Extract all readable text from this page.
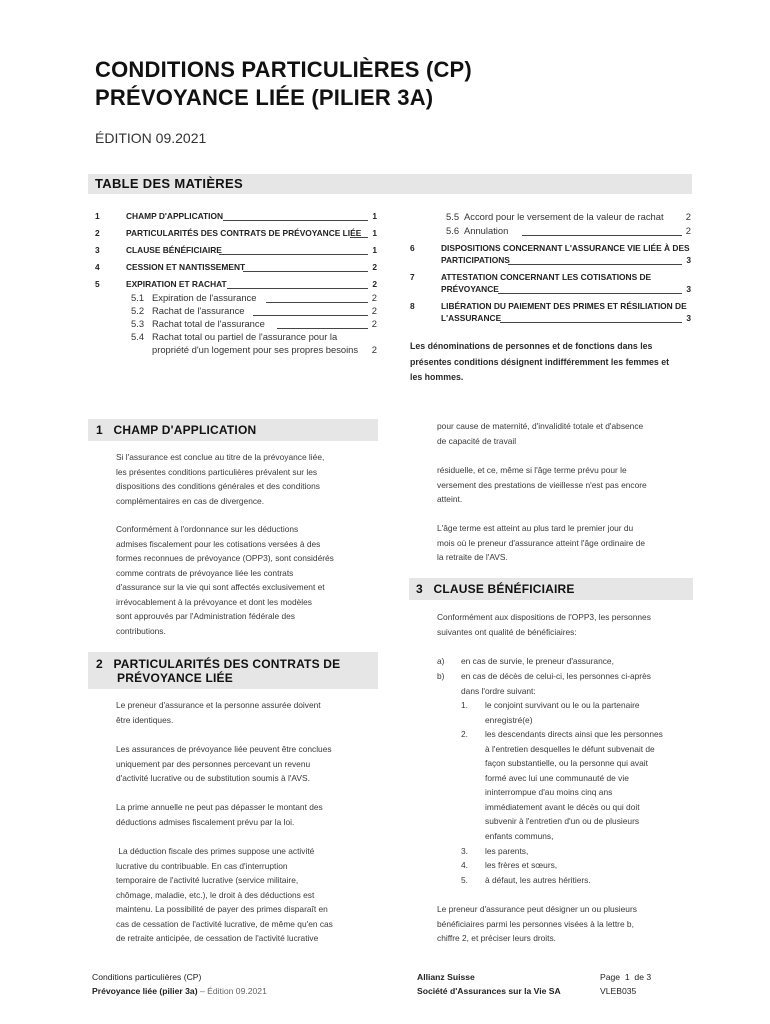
CONDITIONS PARTICULIÈRES (CP)
PRÉVOYANCE LIÉE (PILIER 3A)
ÉDITION 09.2021
TABLE DES MATIÈRES
1	CHAMP D'APPLICATION	1
2	PARTICULARITÉS DES CONTRATS DE PRÉVOYANCE LIÉE 1
3	CLAUSE BÉNÉFICIAIRE	1
4	CESSION ET NANTISSEMENT	2
5	EXPIRATION ET RACHAT	2
5.1 Expiration de l'assurance	2
5.2 Rachat de l'assurance	2
5.3 Rachat total de l'assurance	2
5.4 Rachat total ou partiel de l'assurance pour la
propriété d'un logement pour ses propres besoins 2
5.5 Accord pour le versement de la valeur de rachat 2
5.6 Annulation	2
6	DISPOSITIONS CONCERNANT L'ASSURANCE VIE LIÉE À DES
PARTICIPATIONS	3
7	ATTESTATION CONCERNANT LES COTISATIONS DE
PRÉVOYANCE	3
8	LIBÉRATION DU PAIEMENT DES PRIMES ET RÉSILIATION DE
L'ASSURANCE	3
Les dénominations de personnes et de fonctions dans les
présentes conditions désignent indifféremment les femmes et
les hommes.
1 CHAMP D'APPLICATION
Si l'assurance est conclue au titre de la prévoyance liée,
les présentes conditions particulières prévalent sur les
dispositions des conditions générales et des conditions
complémentaires en cas de divergence.
Conformément à l'ordonnance sur les déductions
admises fiscalement pour les cotisations versées à des
formes reconnues de prévoyance (OPP3), sont considérés
comme contrats de prévoyance liée les contrats
d'assurance sur la vie qui sont affectés exclusivement et
irrévocablement à la prévoyance et dont les modèles
sont approuvés par l'Administration fédérale des
contributions.
2 PARTICULARITÉS DES CONTRATS DE
PRÉVOYANCE LIÉE
Le preneur d'assurance et la personne assurée doivent
être identiques.
Les assurances de prévoyance liée peuvent être conclues
uniquement par des personnes percevant un revenu
d'activité lucrative ou de substitution soumis à l'AVS.
La prime annuelle ne peut pas dépasser le montant des
déductions admises fiscalement prévu par la loi.
La déduction fiscale des primes suppose une activité
lucrative du contribuable. En cas d'interruption
temporaire de l'activité lucrative (service militaire,
chômage, maladie, etc.), le droit à des déductions est
maintenu. La possibilité de payer des primes disparaît en
cas de cessation de l'activité lucrative, de même qu'en cas
de retraite anticipée, de cessation de l'activité lucrative
pour cause de maternité, d'invalidité totale et d'absence
de capacité de travail
résiduelle, et ce, même si l'âge terme prévu pour le
versement des prestations de vieillesse n'est pas encore
atteint.
L'âge terme est atteint au plus tard le premier jour du
mois où le preneur d'assurance atteint l'âge ordinaire de
la retraite de l'AVS.
3 CLAUSE BÉNÉFICIAIRE
Conformément aux dispositions de l'OPP3, les personnes
suivantes ont qualité de bénéficiaires:
a) en cas de survie, le preneur d'assurance,
b) en cas de décès de celui-ci, les personnes ci-après
dans l'ordre suivant:
1. le conjoint survivant ou le ou la partenaire
enregistré(e)
2. les descendants directs ainsi que les personnes
à l'entretien desquelles le défunt subvenait de
façon substantielle, ou la personne qui avait
formé avec lui une communauté de vie
ininterrompue d'au moins cinq ans
immédiatement avant le décès ou qui doit
subvenir à l'entretien d'un ou de plusieurs
enfants communs,
3. les parents,
4. les frères et sœurs,
5. à défaut, les autres héritiers.
Le preneur d'assurance peut désigner un ou plusieurs
bénéficiaires parmi les personnes visées à la lettre b,
chiffre 2, et préciser leurs droits.
Conditions particulières (CP)
Prévoyance liée (pilier 3a) – Édition 09.2021
Allianz Suisse
Société d'Assurances sur la Vie SA
Page 1 de 3
VLEB035
